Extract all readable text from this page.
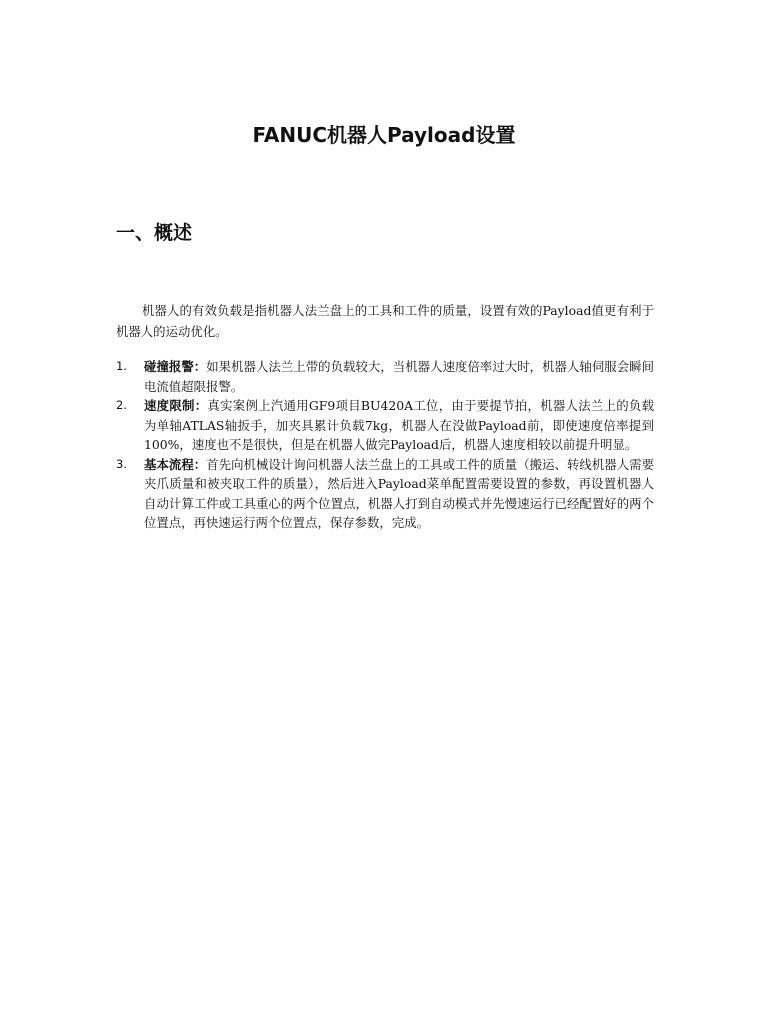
FANUC机器人Payload设置
一、概述

机器人的有效负载是指机器人法兰盘上的工具和工件的质量，设置有效的Payload值更有利于机器人的运动优化。

1. 碰撞报警：如果机器人法兰上带的负载较大，当机器人速度倍率过大时，机器人轴伺服会瞬间电流值超限报警。
2. 速度限制：真实案例上汽通用GF9项目BU420A工位，由于要提节拍，机器人法兰上的负载为单轴ATLAS轴扳手，加夹具累计负载7kg，机器人在没做Payload前，即使速度倍率提到100%，速度也不是很快，但是在机器人做完Payload后，机器人速度相较以前提升明显。
3. 基本流程：首先向机械设计询问机器人法兰盘上的工具或工件的质量（搬运、转线机器人需要夹爪质量和被夹取工件的质量），然后进入Payload菜单配置需要设置的参数，再设置机器人自动计算工件或工具重心的两个位置点，机器人打到自动模式并先慢速运行已经配置好的两个位置点，再快速运行两个位置点，保存参数，完成。
